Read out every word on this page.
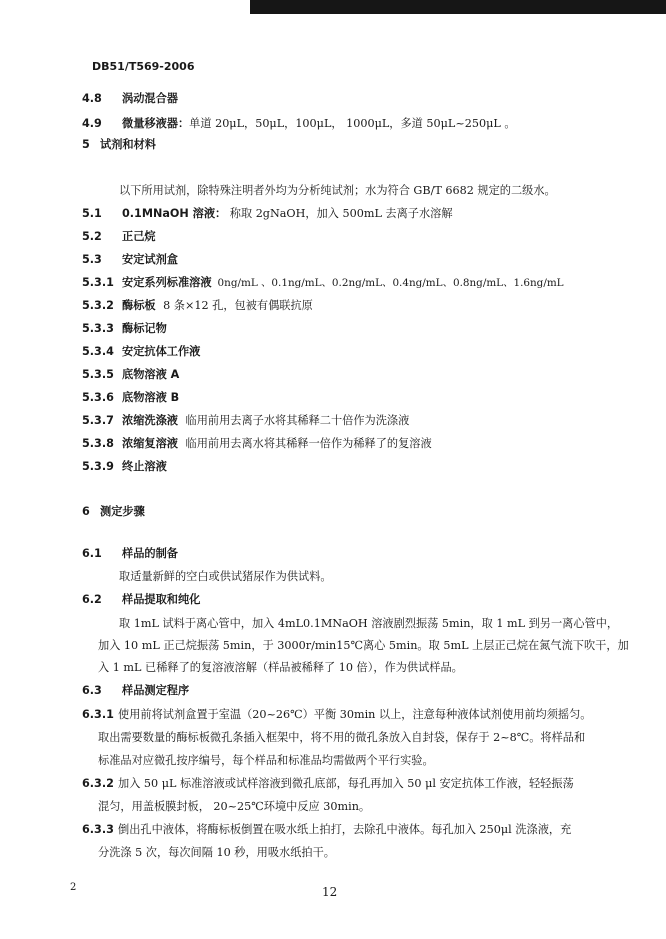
DB51/T569-2006
4.8 涡动混合器
4.9 微量移液器：单道 20μL，50μL，100μL， 1000μL，多道 50μL~250μL 。
5 试剂和材料
以下所用试剂，除特殊注明者外均为分析纯试剂；水为符合 GB/T 6682 规定的二级水。
5.1 0.1MNaOH 溶液： 称取 2gNaOH，加入 500mL 去离子水溶解
5.2 正己烷
5.3 安定试剂盒
5.3.1 安定系列标准溶液 0ng/mL 、0.1ng/mL、0.2ng/mL、0.4ng/mL、0.8ng/mL、1.6ng/mL
5.3.2 酶标板 8 条×12 孔，包被有偶联抗原
5.3.3 酶标记物
5.3.4 安定抗体工作液
5.3.5 底物溶液 A
5.3.6 底物溶液 B
5.3.7 浓缩洗涤液 临用前用去离子水将其稀释二十倍作为洗涤液
5.3.8 浓缩复溶液 临用前用去离水将其稀释一倍作为稀释了的复溶液
5.3.9 终止溶液
6 测定步骤
6.1 样品的制备
取适量新鲜的空白或供试猪尿作为供试料。
6.2 样品提取和纯化
取 1mL 试料于离心管中，加入 4mL0.1MNaOH 溶液剧烈振荡 5min，取 1 mL 到另一离心管中，
加入 10 mL 正己烷振荡 5min，于 3000r/min15℃离心 5min。取 5mL 上层正己烷在氮气流下吹干，加
入 1 mL 已稀释了的复溶液溶解（样品被稀释了 10 倍），作为供试样品。
6.3 样品测定程序
6.3.1 使用前将试剂盒置于室温（20~26℃）平衡 30min 以上，注意每种液体试剂使用前均须摇匀。
取出需要数量的酶标板微孔条插入框架中，将不用的微孔条放入自封袋，保存于 2~8℃。将样品和
标准品对应微孔按序编号，每个样品和标准品均需做两个平行实验。
6.3.2 加入 50 μL 标准溶液或试样溶液到微孔底部，每孔再加入 50 μl 安定抗体工作液，轻轻振荡
混匀，用盖板膜封板， 20~25℃环境中反应 30min。
6.3.3 倒出孔中液体，将酶标板倒置在吸水纸上拍打，去除孔中液体。每孔加入 250μl 洗涤液，充
分洗涤 5 次，每次间隔 10 秒，用吸水纸拍干。
2	12
